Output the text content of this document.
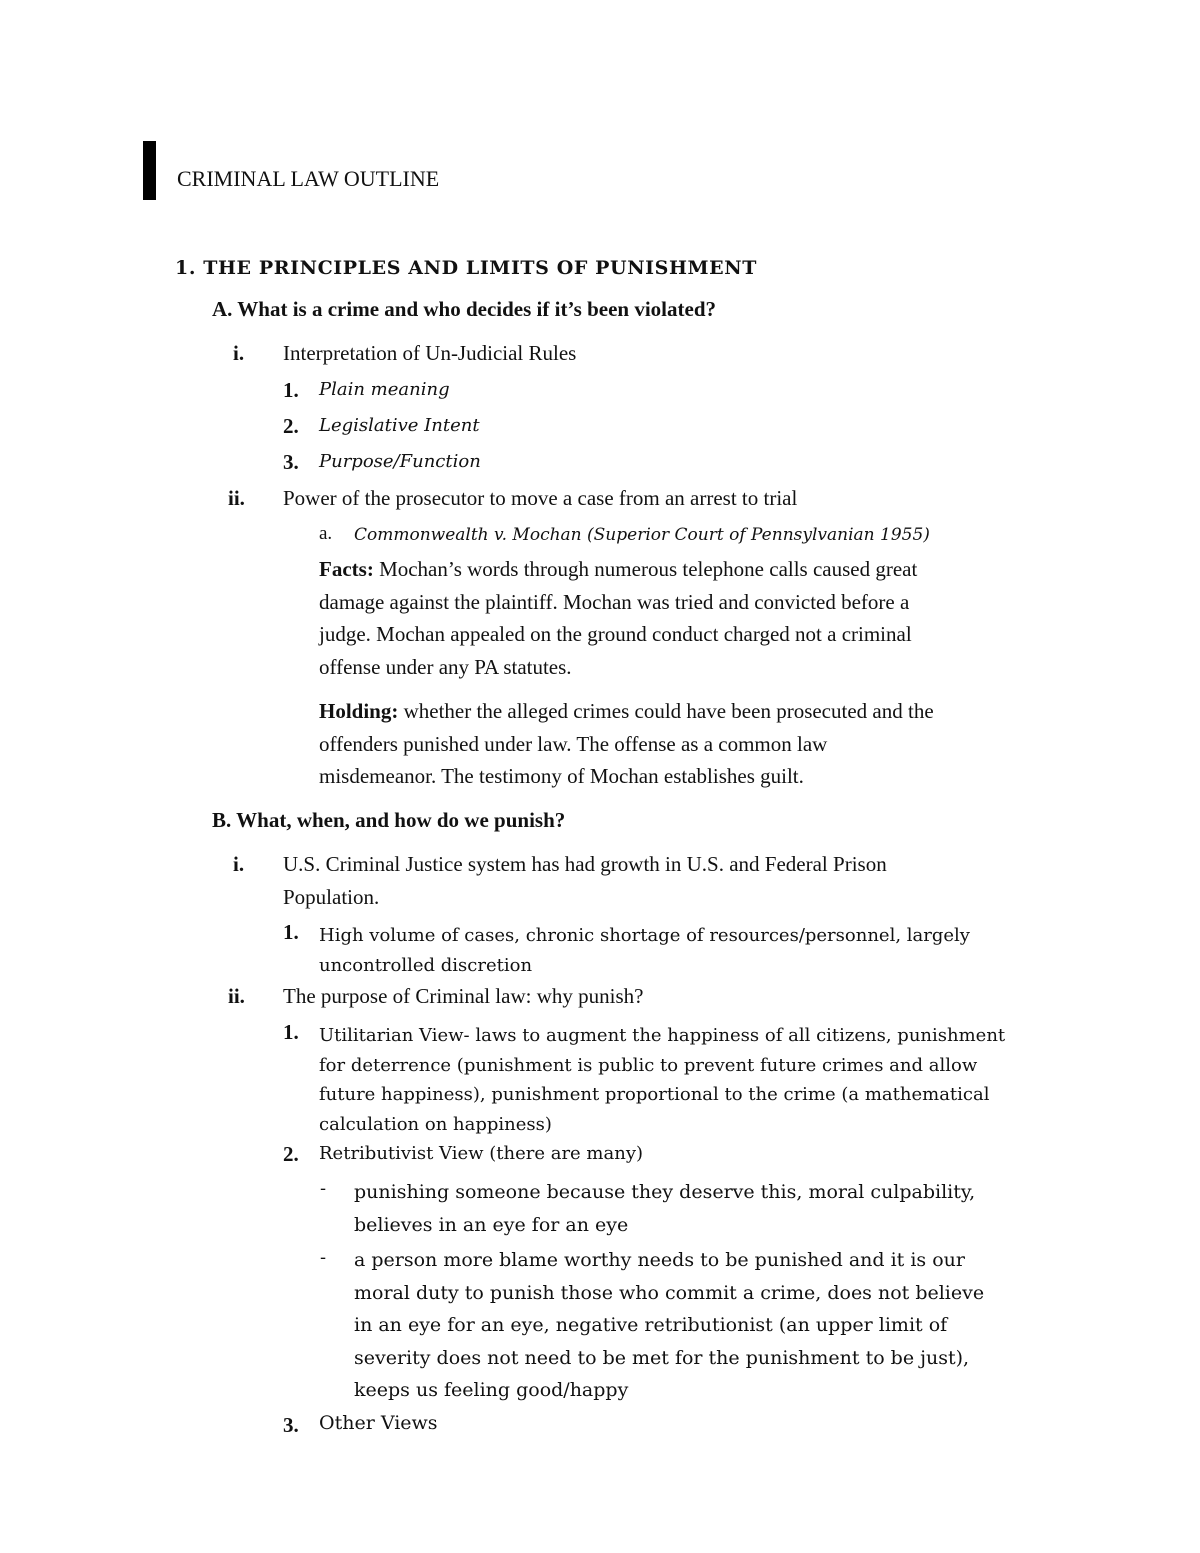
CRIMINAL LAW OUTLINE
1. THE PRINCIPLES AND LIMITS OF PUNISHMENT
A. What is a crime and who decides if it’s been violated?
i. Interpretation of Un-Judicial Rules
1. Plain meaning
2. Legislative Intent
3. Purpose/Function
ii. Power of the prosecutor to move a case from an arrest to trial
a. Commonwealth v. Mochan (Superior Court of Pennsylvanian 1955)
Facts: Mochan’s words through numerous telephone calls caused great
damage against the plaintiff. Mochan was tried and convicted before a
judge. Mochan appealed on the ground conduct charged not a criminal
offense under any PA statutes.
Holding: whether the alleged crimes could have been prosecuted and the
offenders punished under law. The offense as a common law
misdemeanor. The testimony of Mochan establishes guilt.
B. What, when, and how do we punish?
i. U.S. Criminal Justice system has had growth in U.S. and Federal Prison
Population.
1. High volume of cases, chronic shortage of resources/personnel, largely
uncontrolled discretion
ii. The purpose of Criminal law: why punish?
1. Utilitarian View- laws to augment the happiness of all citizens, punishment
for deterrence (punishment is public to prevent future crimes and allow
future happiness), punishment proportional to the crime (a mathematical
calculation on happiness)
2. Retributivist View (there are many)
- punishing someone because they deserve this, moral culpability,
believes in an eye for an eye
- a person more blame worthy needs to be punished and it is our
moral duty to punish those who commit a crime, does not believe
in an eye for an eye, negative retributionist (an upper limit of
severity does not need to be met for the punishment to be just),
keeps us feeling good/happy
3. Other Views
